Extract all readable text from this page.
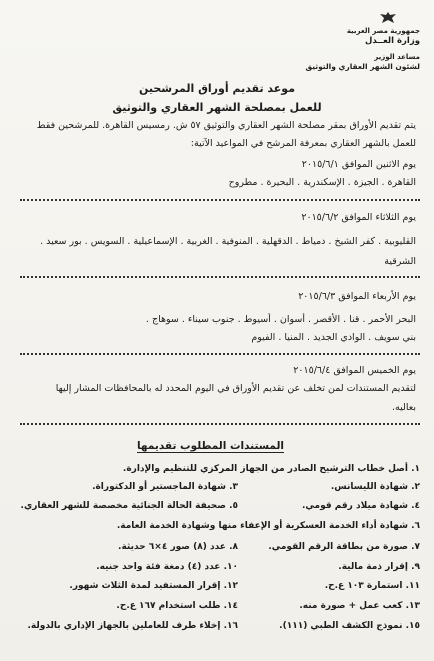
جمهورية مصر العربية
وزارة العــدل
مساعد الوزير
لشئون الشهر العقاري والتوثيق
موعد تقديم أوراق المرشحين
للعمل بمصلحة الشهر العقاري والتوثيق
يتم تقديم الأوراق بمقر مصلحة الشهر العقاري والتوثيق ٥٧ ش. رمسيس القاهرة. للمرشحين فقط للعمل بالشهر العقاري بمعرفة المرشح في المواعيد الآتية:
يوم الاثنين الموافق ٢٠١٥/٦/١
القاهرة . الجيزة . الإسكندرية . البحيرة . مطروح
يوم الثلاثاء الموافق ٢٠١٥/٦/٢
القليوبية . كفر الشيخ . دمياط . الدقهلية . المنوفية . الغربية . الإسماعيلية . السويس . بور سعيد .
الشرقية
يوم الأربعاء الموافق ٢٠١٥/٦/٣
البحر الأحمر . قنا . الأقصر . أسوان . أسيوط . جنوب سيناء . سوهاج .
بني سويف . الوادي الجديد . المنيا . الفيوم
يوم الخميس الموافق ٢٠١٥/٦/٤
لتقديم المستندات لمن تخلف عن تقديم الأوراق في اليوم المحدد له بالمحافظات المشار إليها
بعاليه.
المستندات المطلوب تقديمها
١. أصل خطاب الترشيح الصادر من الجهاز المركزي للتنظيم والإدارة.
٢. شهادة الليسانس.
٣. شهادة الماجستير أو الدكتوراة.
٤. شهادة ميلاد رقم قومي.
٥. صحيفة الحالة الجنائية مخصصة للشهر العقاري.
٦. شهادة أداء الخدمة العسكرية أو الإعفاء منها وشهادة الخدمة العامة.
٧. صورة من بطاقة الرقم القومي.
٨. عدد (٨) صور ٤×٦ حديثة.
٩. إقرار ذمة مالية.
١٠. عدد (٤) دمغة فئة واحد جنيه.
١١. استمارة ١٠٣ ع.ح.
١٢. إقرار المستفيد لمدة الثلاث شهور.
١٣. كعب عمل + صورة منه.
١٤. طلب استخدام ١٦٧ ع.ح.
١٥. نموذج الكشف الطبي (١١١).
١٦. إخلاء طرف للعاملين بالجهاز الإداري بالدولة.
